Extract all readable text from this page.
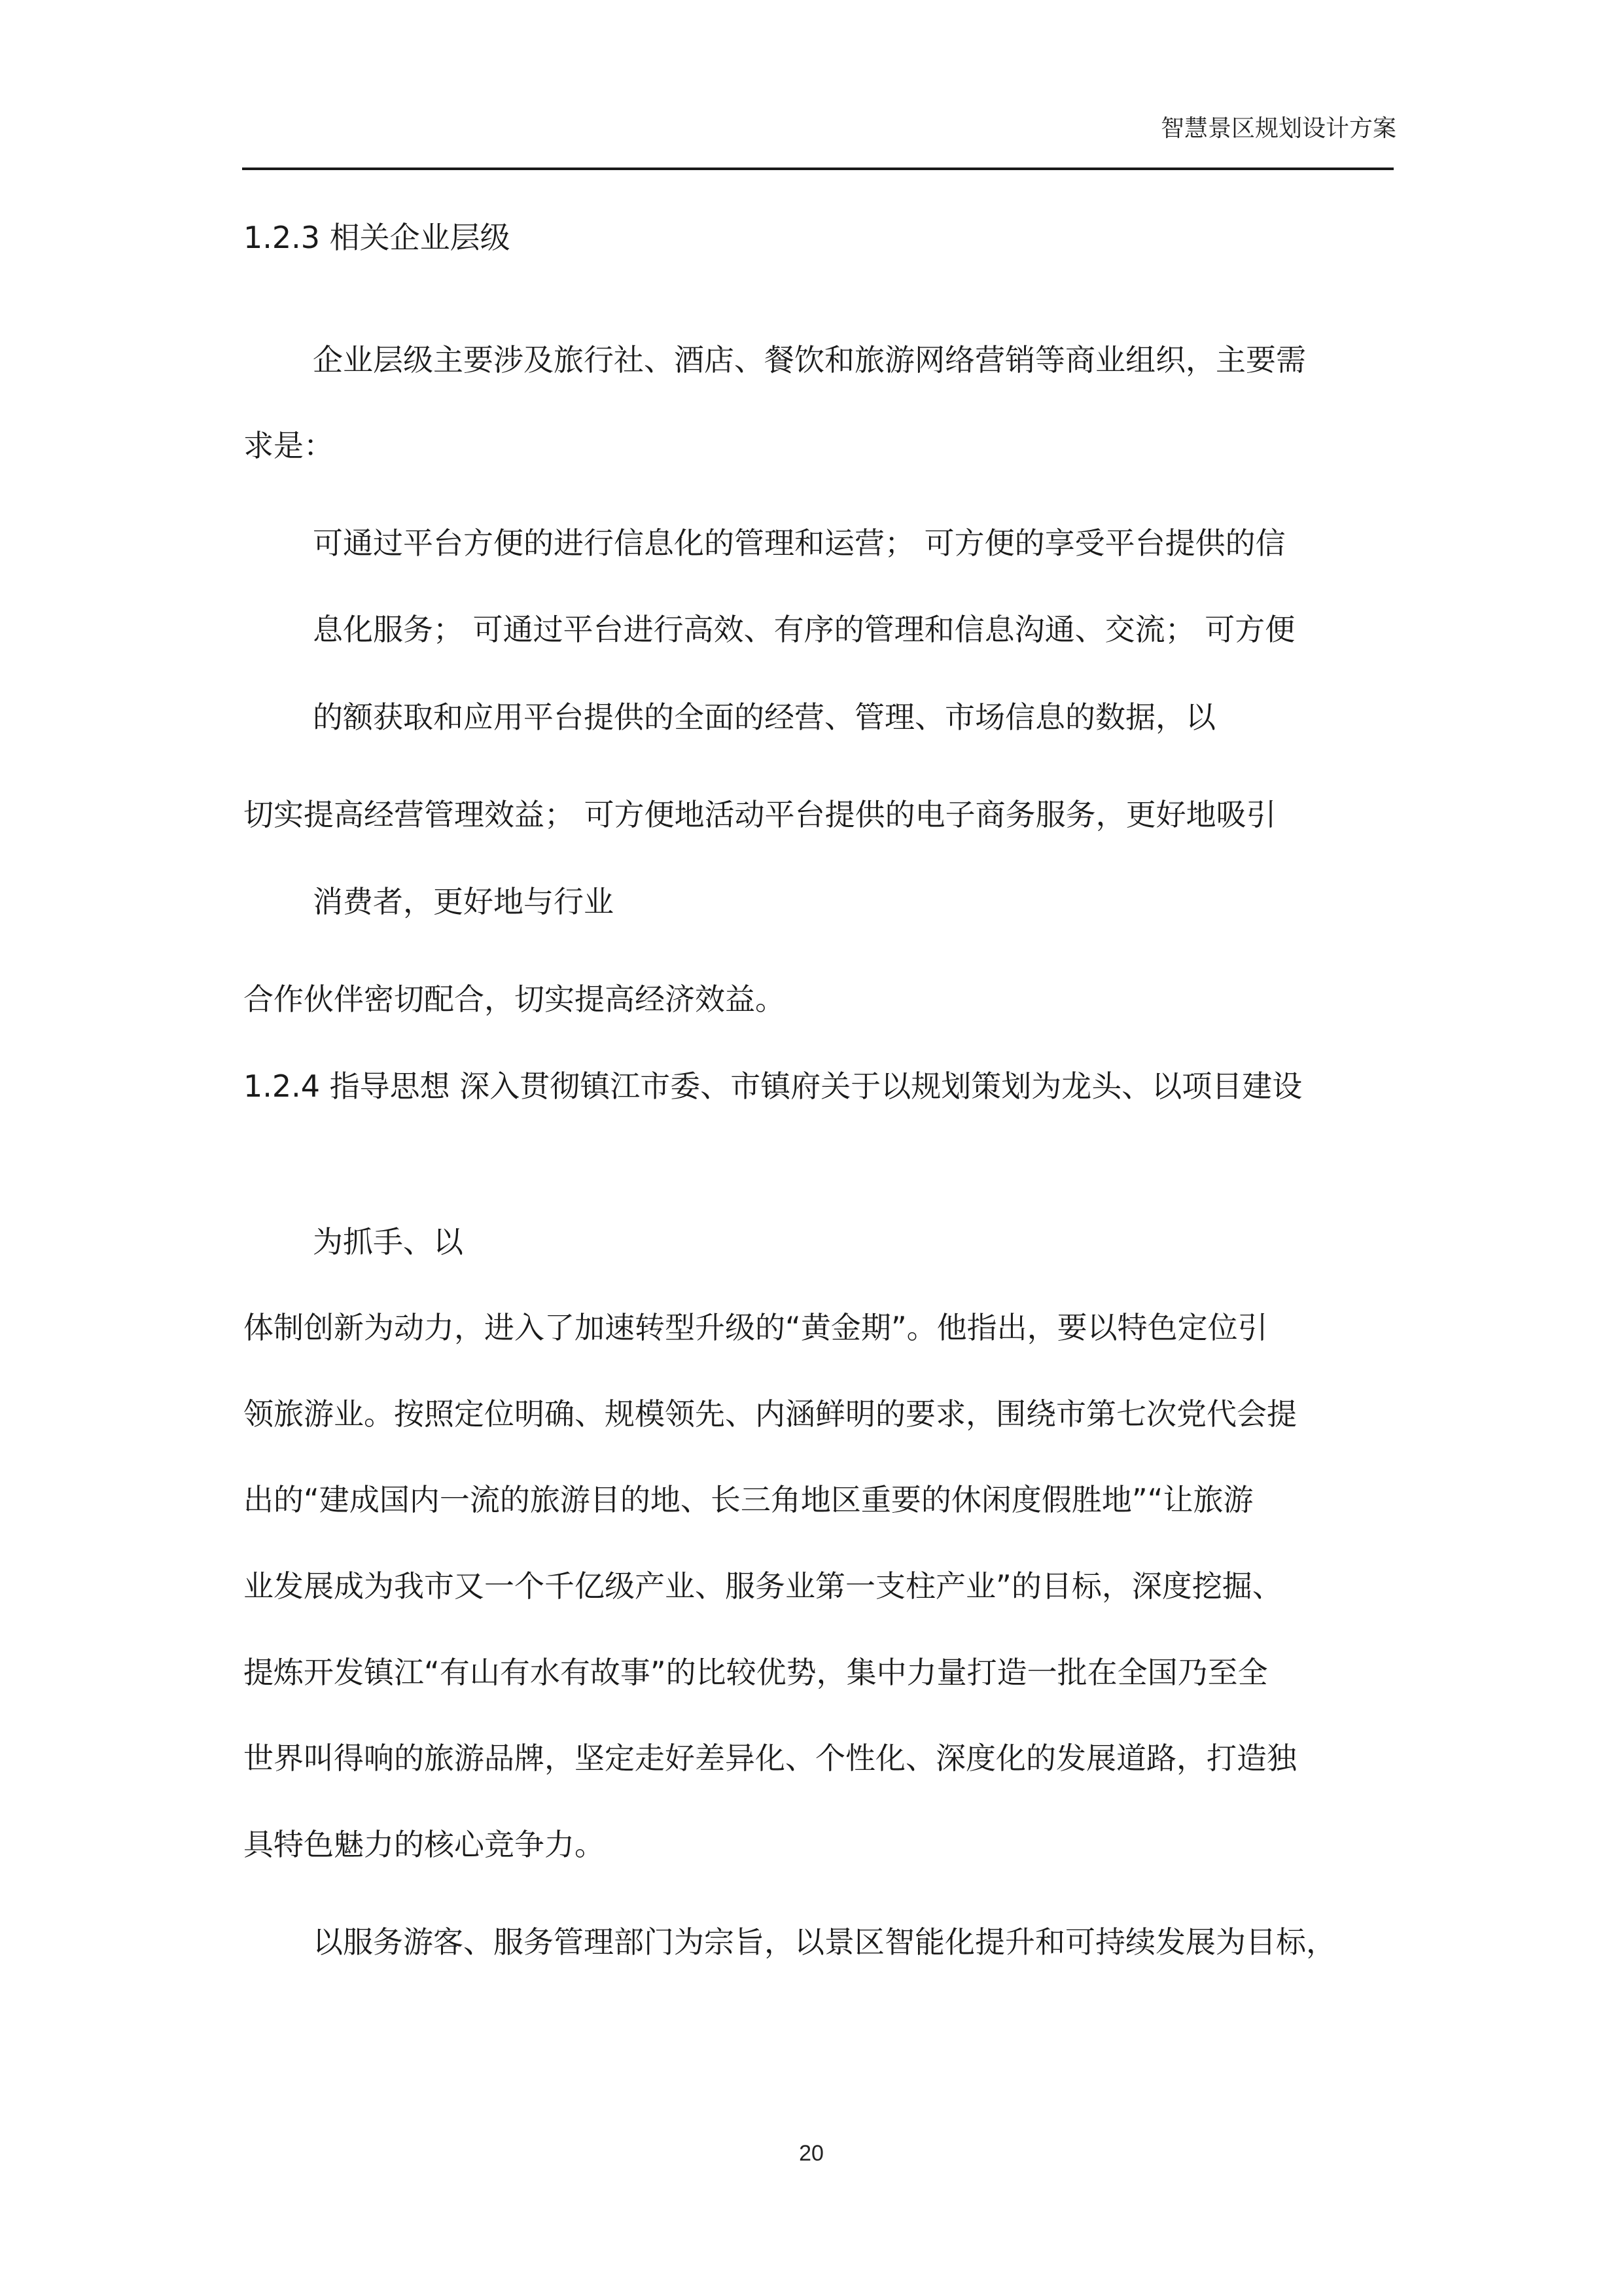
智慧景区规划设计方案
1.2.3 相关企业层级
企业层级主要涉及旅行社、酒店、餐饮和旅游网络营销等商业组织，主要需
求是：
可通过平台方便的进行信息化的管理和运营； 可方便的享受平台提供的信
息化服务； 可通过平台进行高效、有序的管理和信息沟通、交流； 可方便
的额获取和应用平台提供的全面的经营、管理、市场信息的数据，以
切实提高经营管理效益； 可方便地活动平台提供的电子商务服务，更好地吸引
消费者，更好地与行业
合作伙伴密切配合，切实提高经济效益。
1.2.4 指导思想 深入贯彻镇江市委、市镇府关于以规划策划为龙头、以项目建设
为抓手、以
体制创新为动力，进入了加速转型升级的“黄金期”。他指出，要以特色定位引
领旅游业。按照定位明确、规模领先、内涵鲜明的要求，围绕市第七次党代会提
出的“建成国内一流的旅游目的地、长三角地区重要的休闲度假胜地”“让旅游
业发展成为我市又一个千亿级产业、服务业第一支柱产业”的目标，深度挖掘、
提炼开发镇江“有山有水有故事”的比较优势，集中力量打造一批在全国乃至全
世界叫得响的旅游品牌，坚定走好差异化、个性化、深度化的发展道路，打造独
具特色魅力的核心竞争力。
以服务游客、服务管理部门为宗旨，以景区智能化提升和可持续发展为目标，
20
